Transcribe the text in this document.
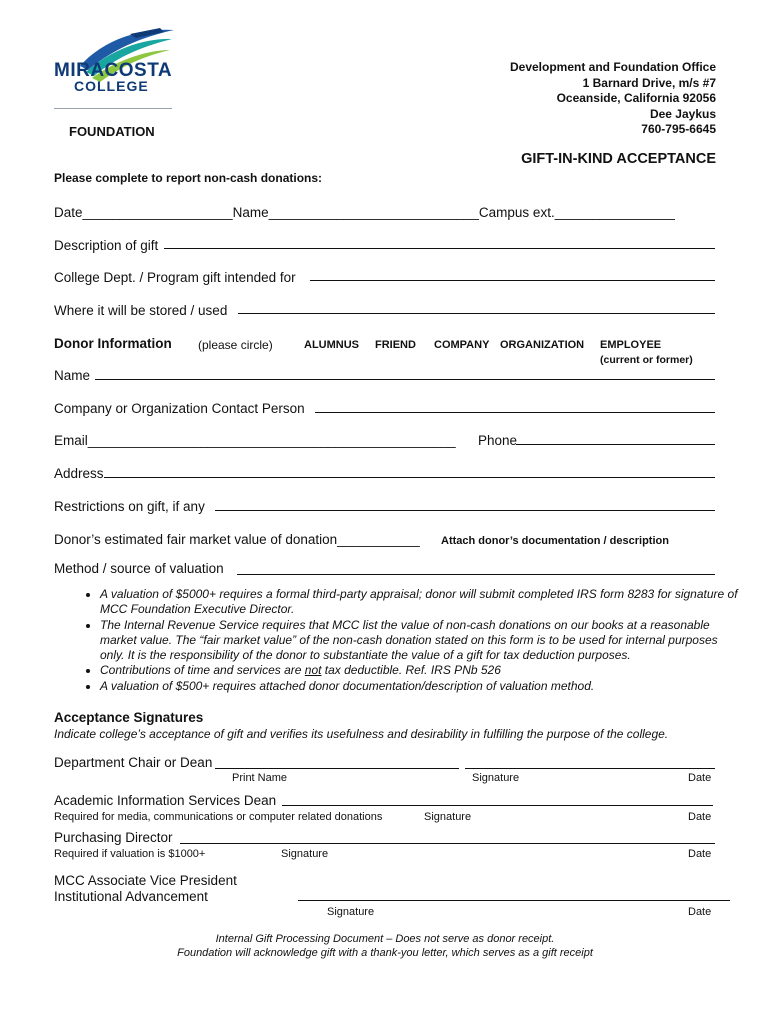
MIRACOSTA
COLLEGE
FOUNDATION
Development and Foundation Office
1 Barnard Drive, m/s #7
Oceanside, California 92056
Dee Jaykus
760-795-6645
GIFT-IN-KIND ACCEPTANCE
Please complete to report non-cash donations:
Date____________________Name____________________________Campus ext.________________
Description of gift
College Dept. / Program gift intended for
Where it will be stored / used
Donor Information (please circle)	ALUMNUS FRIEND COMPANY ORGANIZATION EMPLOYEE
(current or former)
Name
Company or Organization Contact Person
Email_________________________________________________ Phone
Address
Restrictions on gift, if any
Donor’s estimated fair market value of donation___________ Attach donor’s documentation / description
Method / source of valuation
• A valuation of $5000+ requires a formal third-party appraisal; donor will submit completed IRS form 8283 for signature of MCC Foundation Executive Director.
• The Internal Revenue Service requires that MCC list the value of non-cash donations on our books at a reasonable market value. The “fair market value” of the non-cash donation stated on this form is to be used for internal purposes only. It is the responsibility of the donor to substantiate the value of a gift for tax deduction purposes.
• Contributions of time and services are not tax deductible. Ref. IRS PNb 526
• A valuation of $500+ requires attached donor documentation/description of valuation method.
Acceptance Signatures
Indicate college’s acceptance of gift and verifies its usefulness and desirability in fulfilling the purpose of the college.
Department Chair or Dean
Print Name	Signature	Date
Academic Information Services Dean
Required for media, communications or computer related donations	Signature	Date
Purchasing Director
Required if valuation is $1000+	Signature	Date
MCC Associate Vice President
Institutional Advancement
Signature	Date
Internal Gift Processing Document – Does not serve as donor receipt.
Foundation will acknowledge gift with a thank-you letter, which serves as a gift receipt
